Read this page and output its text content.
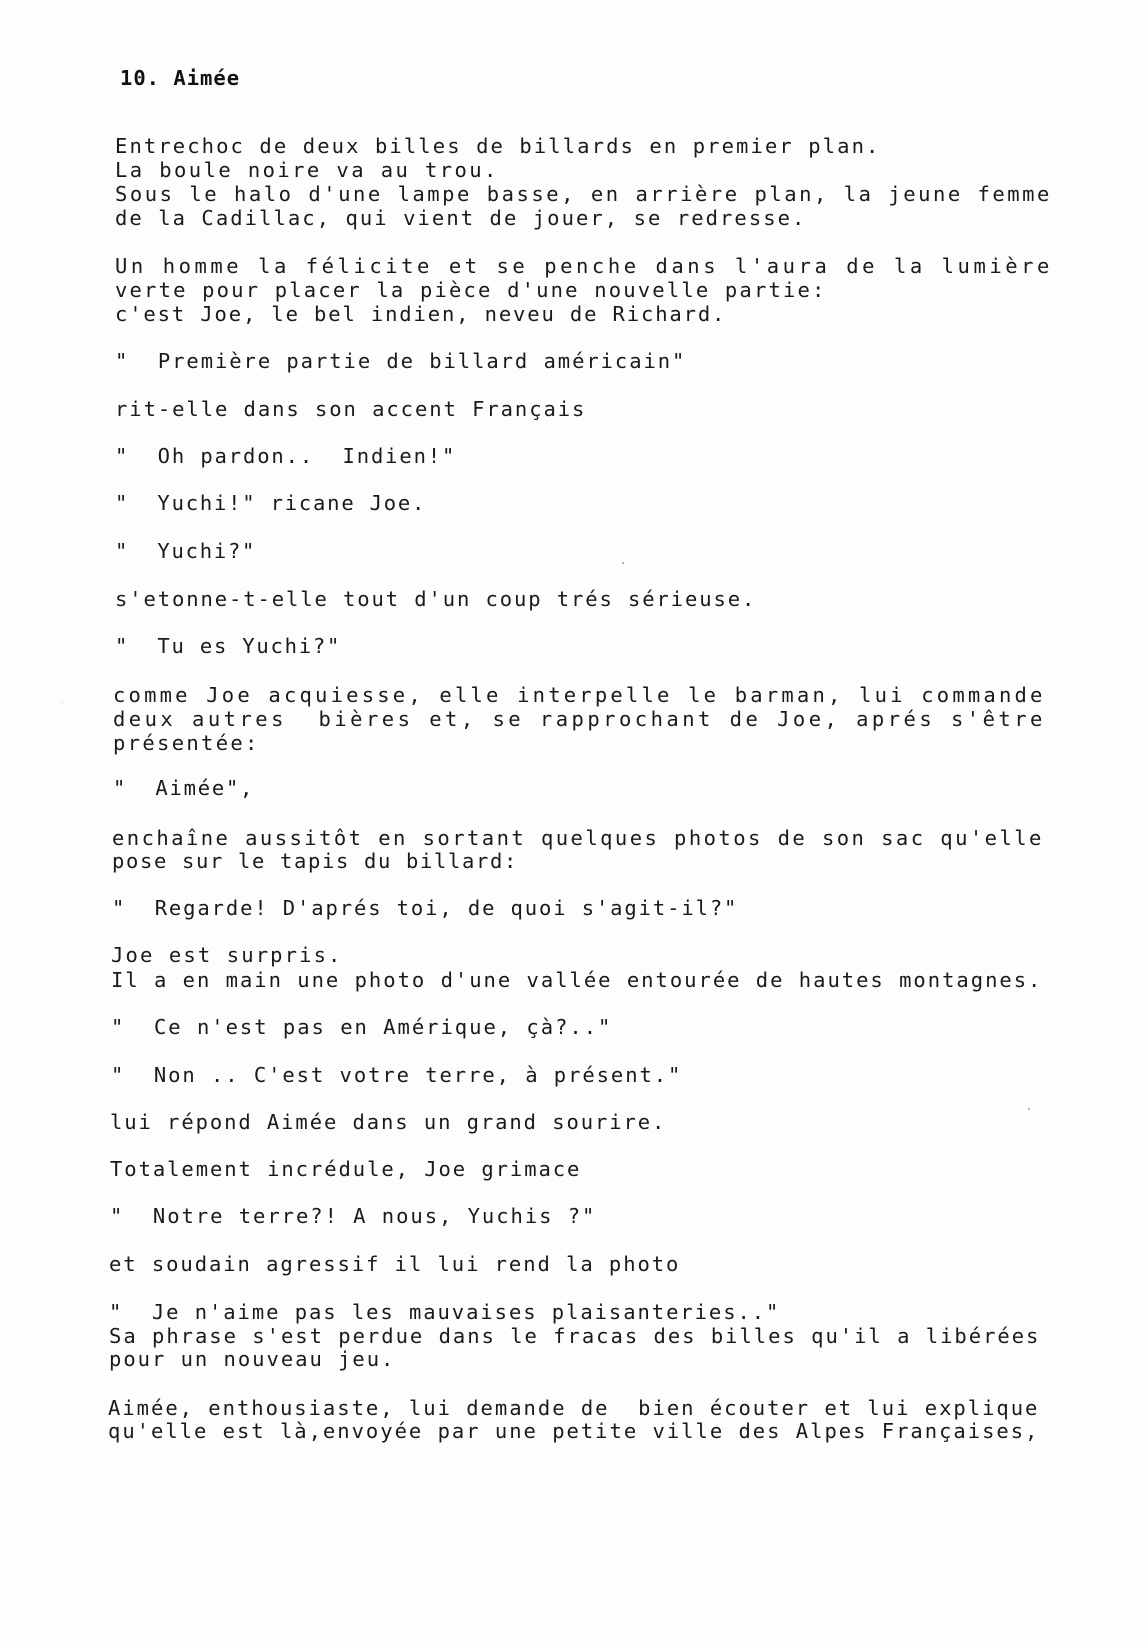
10. Aimée
Entrechoc de deux billes de billards en premier plan.
La boule noire va au trou.
Sous le halo d'une lampe basse, en arrière plan, la jeune femme
de la Cadillac, qui vient de jouer, se redresse.
Un homme la félicite et se penche dans l'aura de la lumière
verte pour placer la pièce d'une nouvelle partie:
c'est Joe, le bel indien, neveu de Richard.
"  Première partie de billard américain"
rit-elle dans son accent Français
"  Oh pardon..  Indien!"
"  Yuchi!" ricane Joe.
"  Yuchi?"
s'etonne-t-elle tout d'un coup trés sérieuse.
"  Tu es Yuchi?"
comme Joe acquiesse, elle interpelle le barman, lui commande
deux autres  bières et, se rapprochant de Joe, aprés s'être
présentée:
"  Aimée",
enchaîne aussitôt en sortant quelques photos de son sac qu'elle
pose sur le tapis du billard:
"  Regarde! D'aprés toi, de quoi s'agit-il?"
Joe est surpris.
Il a en main une photo d'une vallée entourée de hautes montagnes.
"  Ce n'est pas en Amérique, çà?.."
"  Non .. C'est votre terre, à présent."
lui répond Aimée dans un grand sourire.
Totalement incrédule, Joe grimace
"  Notre terre?! A nous, Yuchis ?"
et soudain agressif il lui rend la photo
"  Je n'aime pas les mauvaises plaisanteries.."
Sa phrase s'est perdue dans le fracas des billes qu'il a libérées
pour un nouveau jeu.
Aimée, enthousiaste, lui demande de  bien écouter et lui explique
qu'elle est là,envoyée par une petite ville des Alpes Françaises,
